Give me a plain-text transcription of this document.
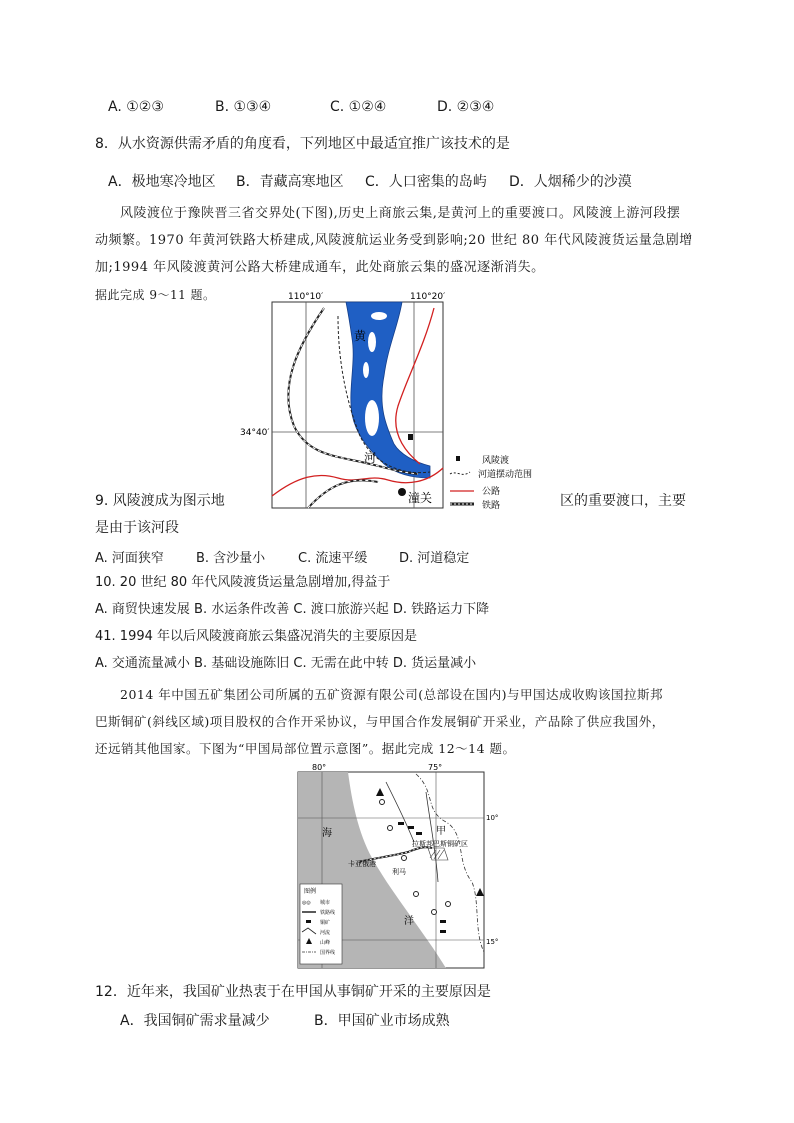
A. ①②③	B. ①③④	C. ①②④	D. ②③④
8．从水资源供需矛盾的角度看，下列地区中最适宜推广该技术的是
A．极地寒冷地区 B．青藏高寒地区 C．人口密集的岛屿 D．人烟稀少的沙漠
风陵渡位于豫陕晋三省交界处(下图),历史上商旅云集,是黄河上的重要渡口。风陵渡上游河段摆
动频繁。1970 年黄河铁路大桥建成,风陵渡航运业务受到影响;20 世纪 80 年代风陵渡货运量急剧增
加;1994 年风陵渡黄河公路大桥建成通车，此处商旅云集的盛况逐渐消失。
据此完成 9～11 题。	110°10′	110°20′
34°40′
黄
河
潼关
风陵渡
河道摆动范围
公路
铁路
9. 风陵渡成为图示地	区的重要渡口，主要
是由于该河段
A. 河面狭窄 B. 含沙量小	C. 流速平缓 D. 河道稳定
10. 20 世纪 80 年代风陵渡货运量急剧增加,得益于
A. 商贸快速发展 B. 水运条件改善 C. 渡口旅游兴起 D. 铁路运力下降
41. 1994 年以后风陵渡商旅云集盛况消失的主要原因是
A. 交通流量减小 B. 基础设施陈旧 C. 无需在此中转 D. 货运量减小
2014 年中国五矿集团公司所属的五矿资源有限公司(总部设在国内)与甲国达成收购该国拉斯邦
巴斯铜矿(斜线区域)项目股权的合作开采协议，与甲国合作发展铜矿开采业，产品除了供应我国外，
还远销其他国家。下图为“甲国局部位置示意图”。据此完成 12～14 题。
80°	75°
10°
15°
海
洋
甲
拉斯邦巴斯铜矿区
卡亚俄港
利马
图例
◎◎ 城市
铁路线
铜矿
河流
山峰
国界线
12．近年来，我国矿业热衷于在甲国从事铜矿开采的主要原因是
A．我国铜矿需求量减少	B．甲国矿业市场成熟
